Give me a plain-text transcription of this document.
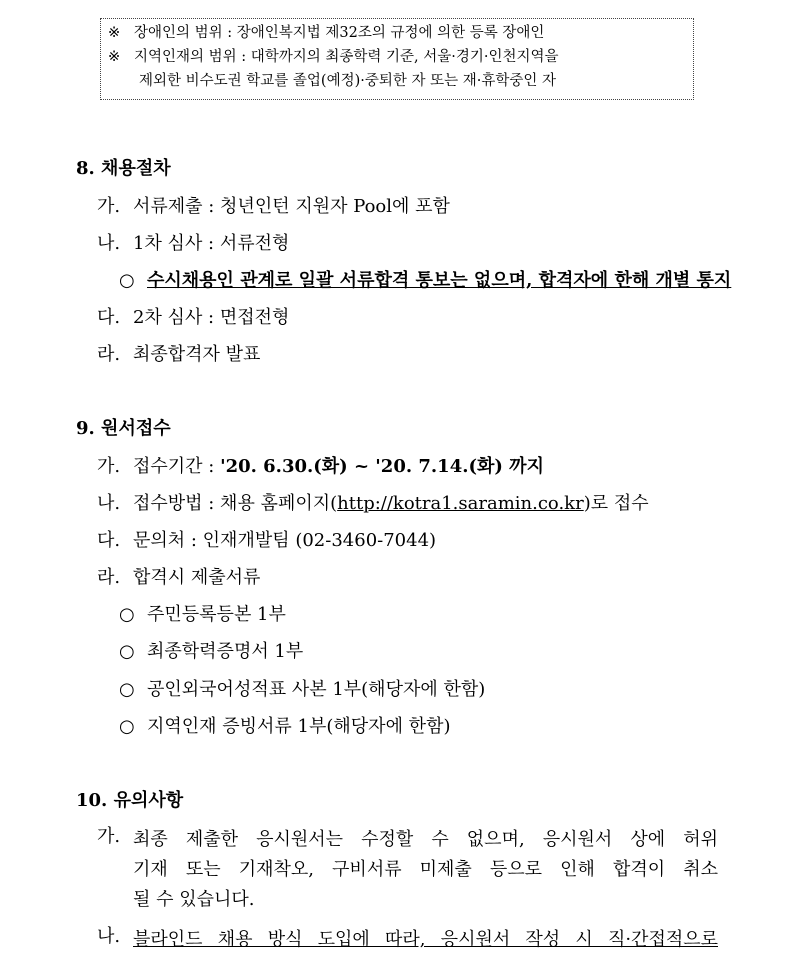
※ 장애인의 범위 : 장애인복지법 제32조의 규정에 의한 등록 장애인
※ 지역인재의 범위 : 대학까지의 최종학력 기준, 서울·경기·인천지역을
제외한 비수도권 학교를 졸업(예정)·중퇴한 자 또는 재·휴학중인 자
8. 채용절차
가. 서류제출 : 청년인턴 지원자 Pool에 포함
나. 1차 심사 : 서류전형
○ 수시채용인 관계로 일괄 서류합격 통보는 없으며, 합격자에 한해 개별 통지
다. 2차 심사 : 면접전형
라. 최종합격자 발표
9. 원서접수
가. 접수기간 : '20. 6.30.(화) ~ '20. 7.14.(화) 까지
나. 접수방법 : 채용 홈페이지(http://kotra1.saramin.co.kr)로 접수
다. 문의처 : 인재개발팀 (02-3460-7044)
라. 합격시 제출서류
○ 주민등록등본 1부
○ 최종학력증명서 1부
○ 공인외국어성적표 사본 1부(해당자에 한함)
○ 지역인재 증빙서류 1부(해당자에 한함)
10. 유의사항
가. 최종 제출한 응시원서는 수정할 수 없으며, 응시원서 상에 허위
기재 또는 기재착오, 구비서류 미제출 등으로 인해 합격이 취소
될 수 있습니다.
나. 블라인드 채용 방식 도입에 따라, 응시원서 작성 시 직·간접적으로
